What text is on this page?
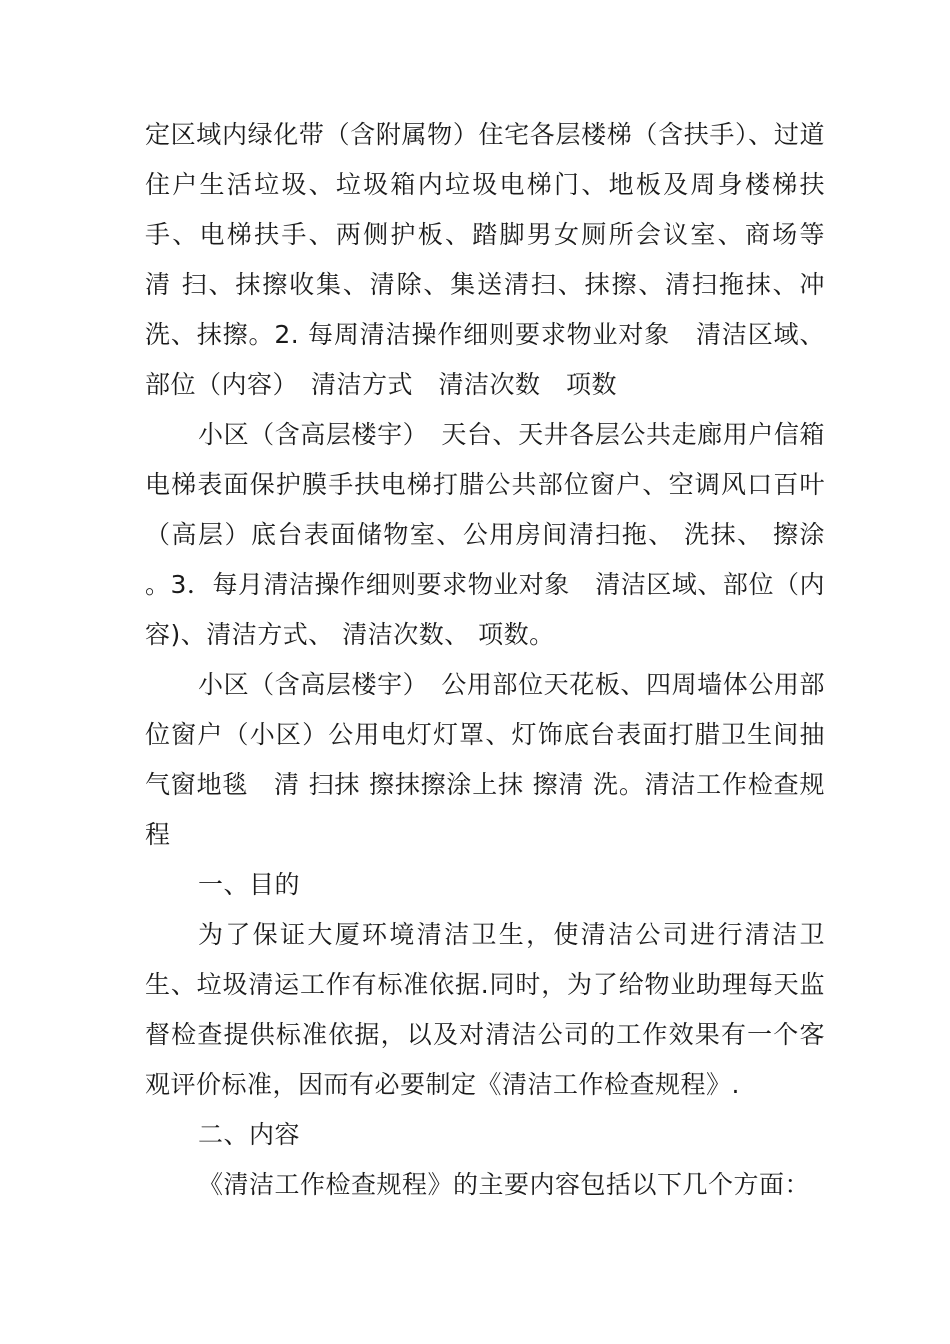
定区域内绿化带（含附属物）住宅各层楼梯（含扶手）、过道住户生活垃圾、垃圾箱内垃圾电梯门、地板及周身楼梯扶手、电梯扶手、两侧护板、踏脚男女厕所会议室、商场等　清 扫、抹擦收集、清除、集送清扫、抹擦、清扫拖抹、冲洗、抹擦。2. 每周清洁操作细则要求物业对象　清洁区域、部位（内容）　清洁方式　清洁次数　项数

小区（含高层楼宇）　天台、天井各层公共走廊用户信箱电梯表面保护膜手扶电梯打腊公共部位窗户、空调风口百叶（高层）底台表面储物室、公用房间清扫拖、 洗抹、 擦涂 。3．每月清洁操作细则要求物业对象　清洁区域、部位（内容)、清洁方式、 清洁次数、 项数。

小区（含高层楼宇）　公用部位天花板、四周墙体公用部位窗户（小区）公用电灯灯罩、灯饰底台表面打腊卫生间抽气窗地毯　清 扫抹 擦抹擦涂上抹 擦清 洗。清洁工作检查规程

一、目的

为了保证大厦环境清洁卫生，使清洁公司进行清洁卫生、垃圾清运工作有标准依据.同时，为了给物业助理每天监督检查提供标准依据，以及对清洁公司的工作效果有一个客观评价标准，因而有必要制定《清洁工作检查规程》.

二、内容

《清洁工作检查规程》的主要内容包括以下几个方面：
